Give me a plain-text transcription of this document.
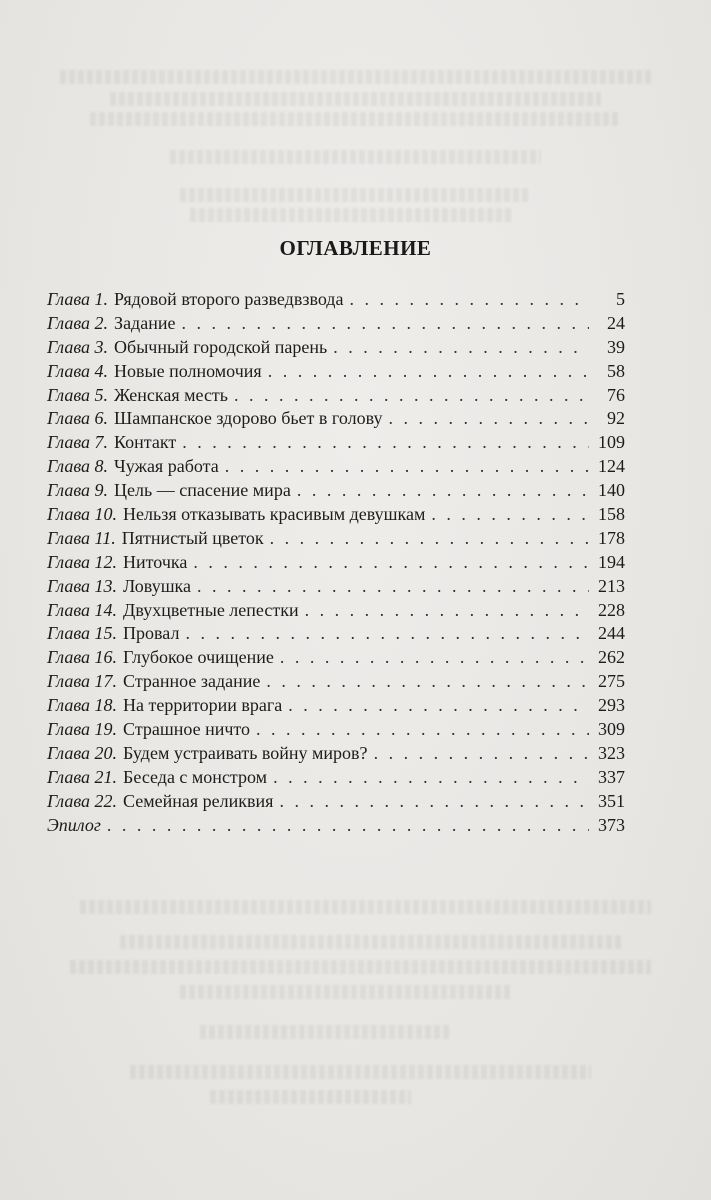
ОГЛАВЛЕНИЕ
Глава 1. Рядовой второго разведвзвода . . .	5
Глава 2. Задание . . .	24
Глава 3. Обычный городской парень . . .	39
Глава 4. Новые полномочия . . .	58
Глава 5. Женская месть . . .	76
Глава 6. Шампанское здорово бьет в голову . . .	92
Глава 7. Контакт . . .	109
Глава 8. Чужая работа . . .	124
Глава 9. Цель — спасение мира . . .	140
Глава 10. Нельзя отказывать красивым девушкам . . .	158
Глава 11. Пятнистый цветок . . .	178
Глава 12. Ниточка . . .	194
Глава 13. Ловушка . . .	213
Глава 14. Двухцветные лепестки . . .	228
Глава 15. Провал . . .	244
Глава 16. Глубокое очищение . . .	262
Глава 17. Странное задание . . .	275
Глава 18. На территории врага . . .	293
Глава 19. Страшное ничто . . .	309
Глава 20. Будем устраивать войну миров? . . .	323
Глава 21. Беседа с монстром . . .	337
Глава 22. Семейная реликвия . . .	351
Эпилог . . .	373
